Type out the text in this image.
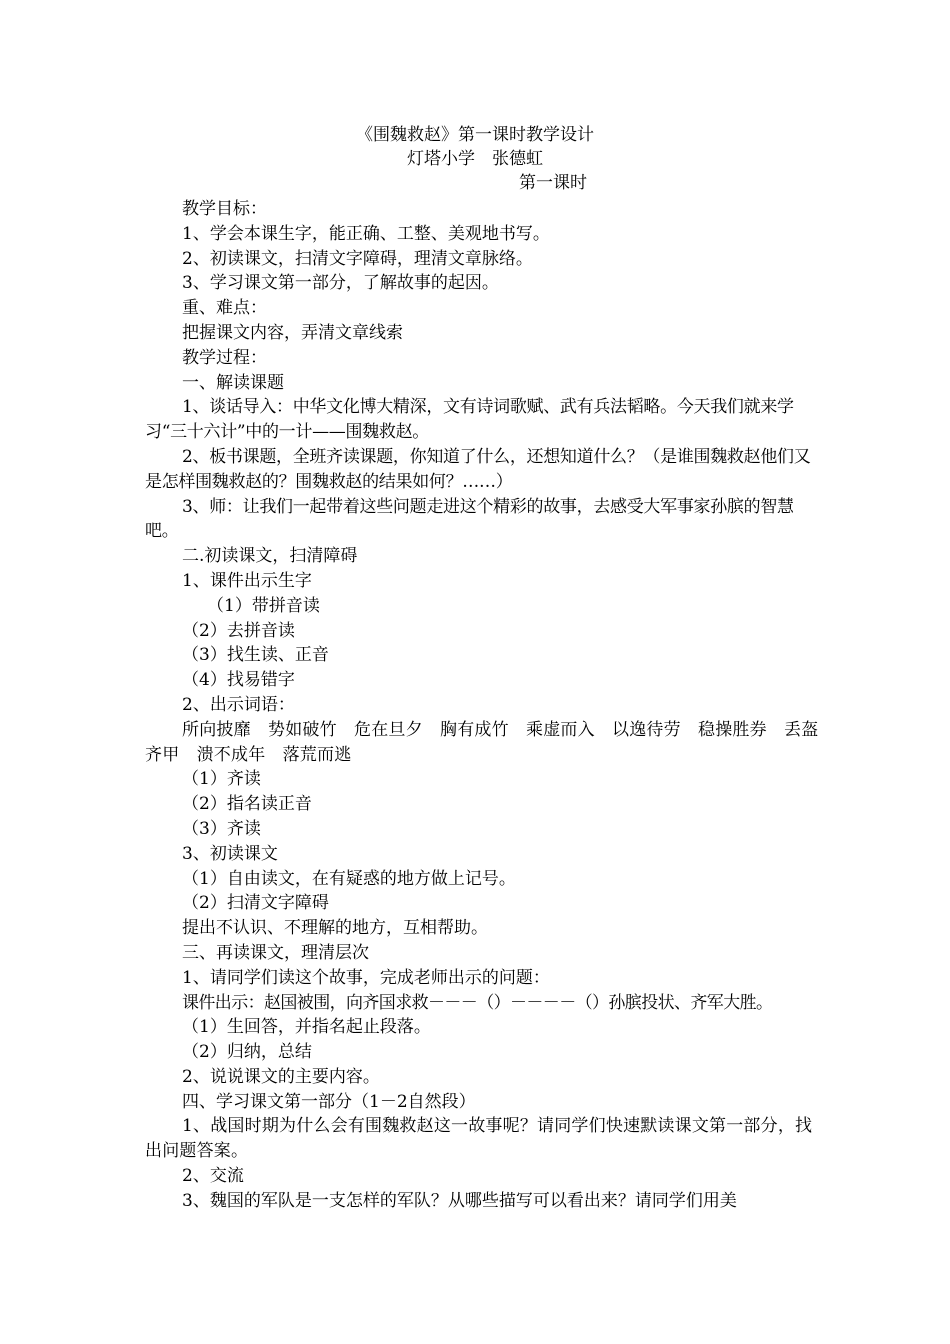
《围魏救赵》第一课时教学设计
灯塔小学　张德虹
第一课时
教学目标：
1、学会本课生字，能正确、工整、美观地书写。
2、初读课文，扫清文字障碍，理清文章脉络。
3、学习课文第一部分，了解故事的起因。
重、难点：
把握课文内容，弄清文章线索
教学过程：
一、解读课题
1、谈话导入：中华文化博大精深，文有诗词歌赋、武有兵法韬略。今天我们就来学习“三十六计”中的一计——围魏救赵。
2、板书课题，全班齐读课题，你知道了什么，还想知道什么？（是谁围魏救赵他们又是怎样围魏救赵的？围魏救赵的结果如何？……）
3、师：让我们一起带着这些问题走进这个精彩的故事，去感受大军事家孙膑的智慧吧。
二.初读课文，扫清障碍
1、课件出示生字
（1）带拼音读
（2）去拼音读
（3）找生读、正音
（4）找易错字
2、出示词语：
所向披靡　势如破竹　危在旦夕　胸有成竹　乘虚而入　以逸待劳　稳操胜券　丢盔齐甲　溃不成年　落荒而逃
（1）齐读
（2）指名读正音
（3）齐读
3、初读课文
（1）自由读文，在有疑惑的地方做上记号。
（2）扫清文字障碍
提出不认识、不理解的地方，互相帮助。
三、再读课文，理清层次
1、请同学们读这个故事，完成老师出示的问题：
课件出示：赵国被围，向齐国求救－－－（）－－－－（）孙膑投状、齐军大胜。
（1）生回答，并指名起止段落。
（2）归纳，总结
2、说说课文的主要内容。
四、学习课文第一部分（1－2自然段）
1、战国时期为什么会有围魏救赵这一故事呢？请同学们快速默读课文第一部分，找出问题答案。
2、交流
3、魏国的军队是一支怎样的军队？从哪些描写可以看出来？请同学们用美
